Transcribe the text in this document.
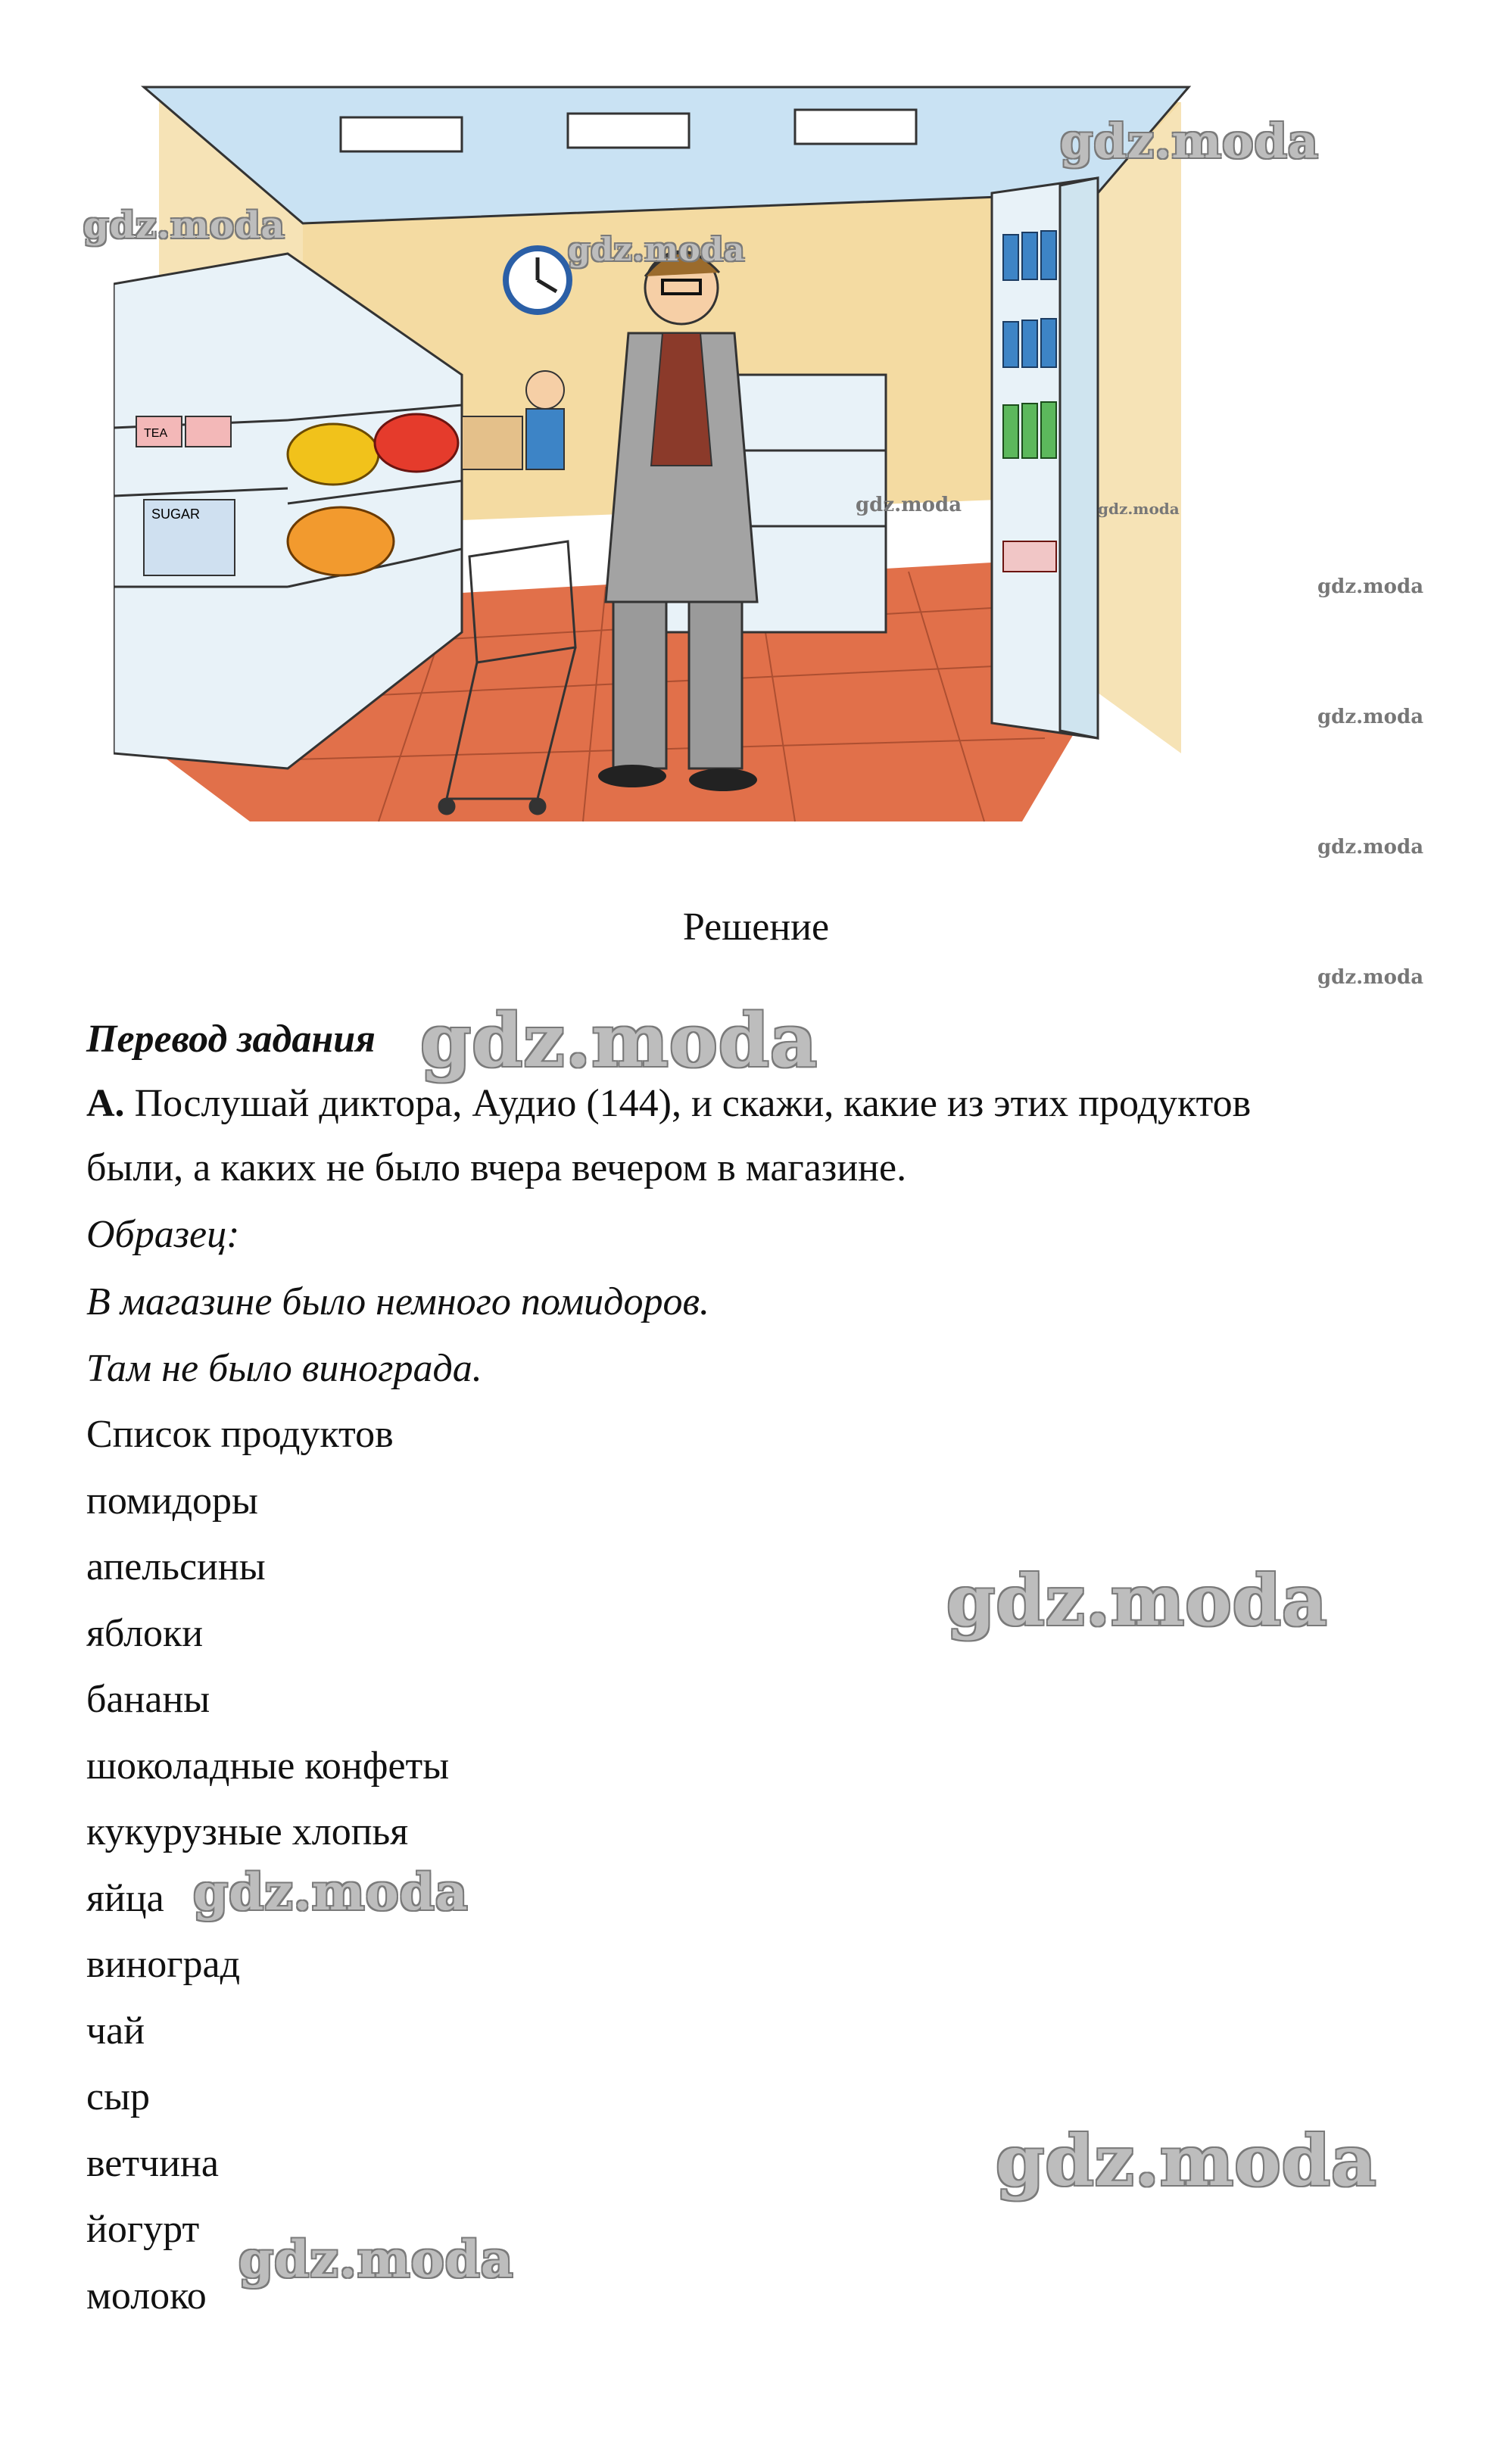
TEA
SUGAR
gdz.moda
gdz.moda
gdz.moda
gdz.moda	gdz.moda
gdz.moda
gdz.moda
gdz.moda
gdz.moda
gdz.moda
gdz.moda
gdz.moda
gdz.moda
gdz.moda
Решение
Перевод задания
А. Послушай диктора, Аудио (144), и скажи, какие из этих продуктов
были, а каких не было вчера вечером в магазине.
Образец:
В магазине было немного помидоров.
Там не было винограда.
Список продуктов
помидоры
апельсины
яблоки
бананы
шоколадные конфеты
кукурузные хлопья
яйца
виноград
чай
сыр
ветчина
йогурт
молоко
